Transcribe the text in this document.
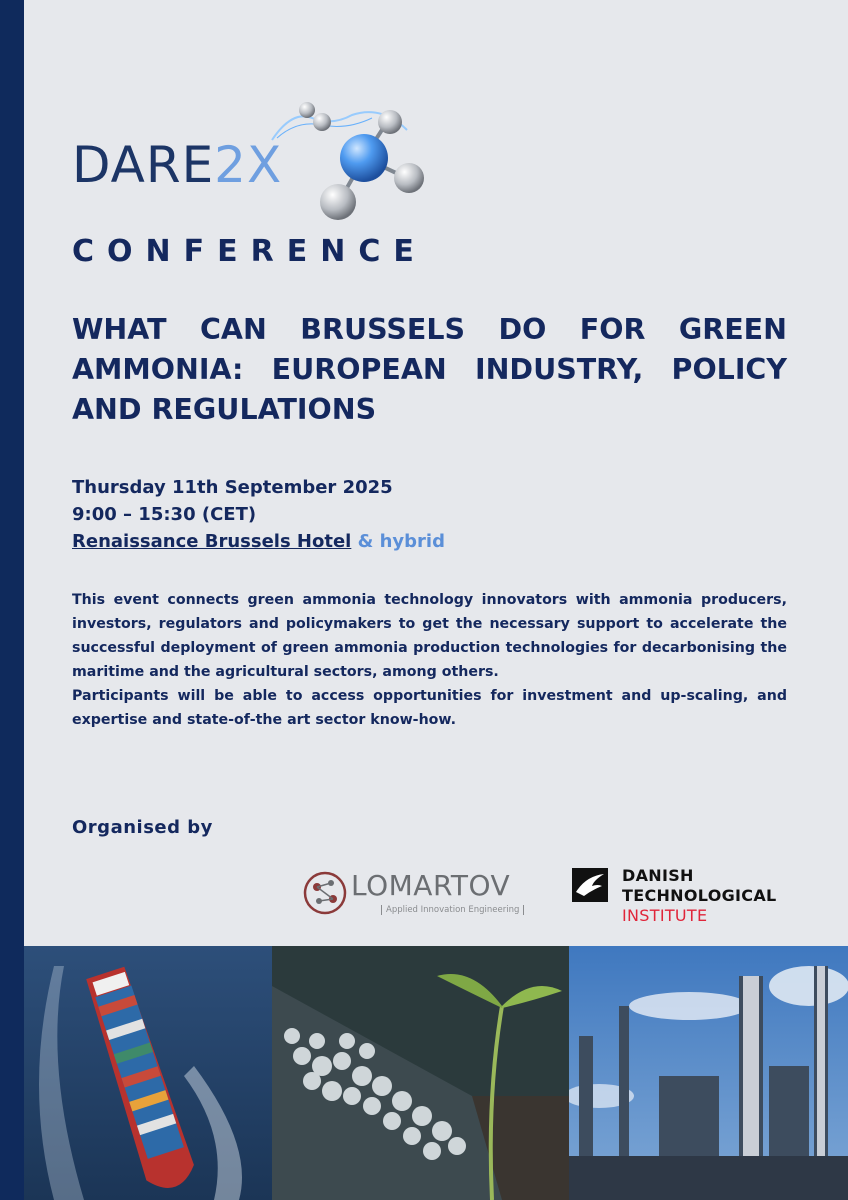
DARE2X
CONFERENCE
WHAT CAN BRUSSELS DO FOR GREEN AMMONIA: EUROPEAN INDUSTRY, POLICY AND REGULATIONS
Thursday 11th September 2025
9:00 – 15:30 (CET)
Renaissance Brussels Hotel & hybrid

This event connects green ammonia technology innovators with ammonia producers, investors, regulators and policymakers to get the necessary support to accelerate the successful deployment of green ammonia production technologies for decarbonising the maritime and the agricultural sectors, among others.

Participants will be able to access opportunities for investment and up-scaling, and expertise and state-of-the art sector know-how.

Organised by
LOMARTOV
Applied Innovation Engineering
DANISH
TECHNOLOGICAL
INSTITUTE
